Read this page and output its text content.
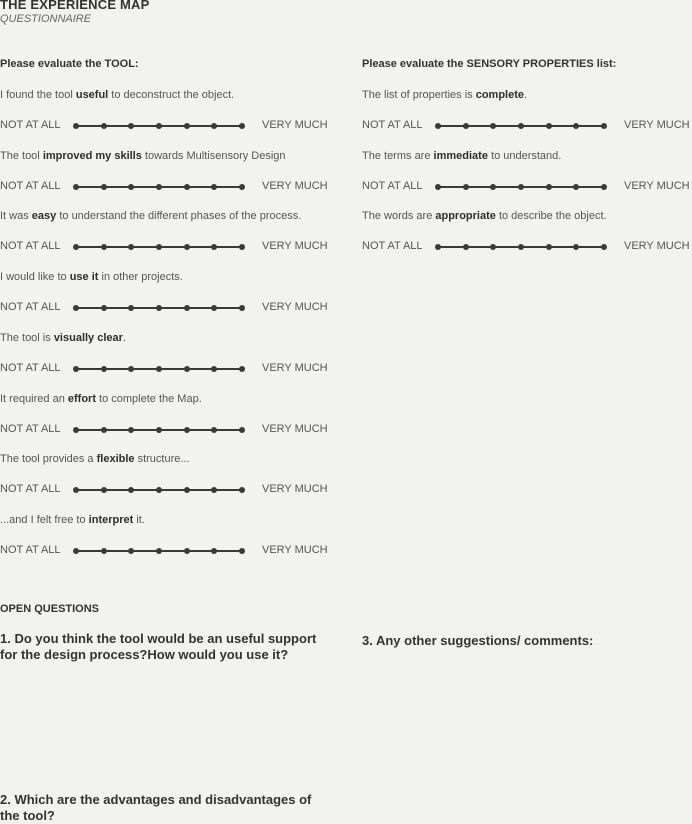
THE EXPERIENCE MAP
QUESTIONNAIRE
Please evaluate the TOOL:
I found the tool useful to deconstruct the object.
NOT AT ALL	VERY MUCH
The tool improved my skills towards Multisensory Design
NOT AT ALL	VERY MUCH
It was easy to understand the different phases of the process.
NOT AT ALL	VERY MUCH
I would like to use it in other projects.
NOT AT ALL	VERY MUCH
The tool is visually clear.
NOT AT ALL	VERY MUCH
It required an effort to complete the Map.
NOT AT ALL	VERY MUCH
The tool provides a flexible structure...
NOT AT ALL	VERY MUCH
...and I felt free to interpret it.
NOT AT ALL	VERY MUCH
Please evaluate the SENSORY PROPERTIES list:
The list of properties is complete.
NOT AT ALL	VERY MUCH
The terms are immediate to understand.
NOT AT ALL	VERY MUCH
The words are appropriate to describe the object.
NOT AT ALL	VERY MUCH
OPEN QUESTIONS
1. Do you think the tool would be an useful support for the design process?How would you use it?
3. Any other suggestions/ comments:
2. Which are the advantages and disadvantages of the tool?
